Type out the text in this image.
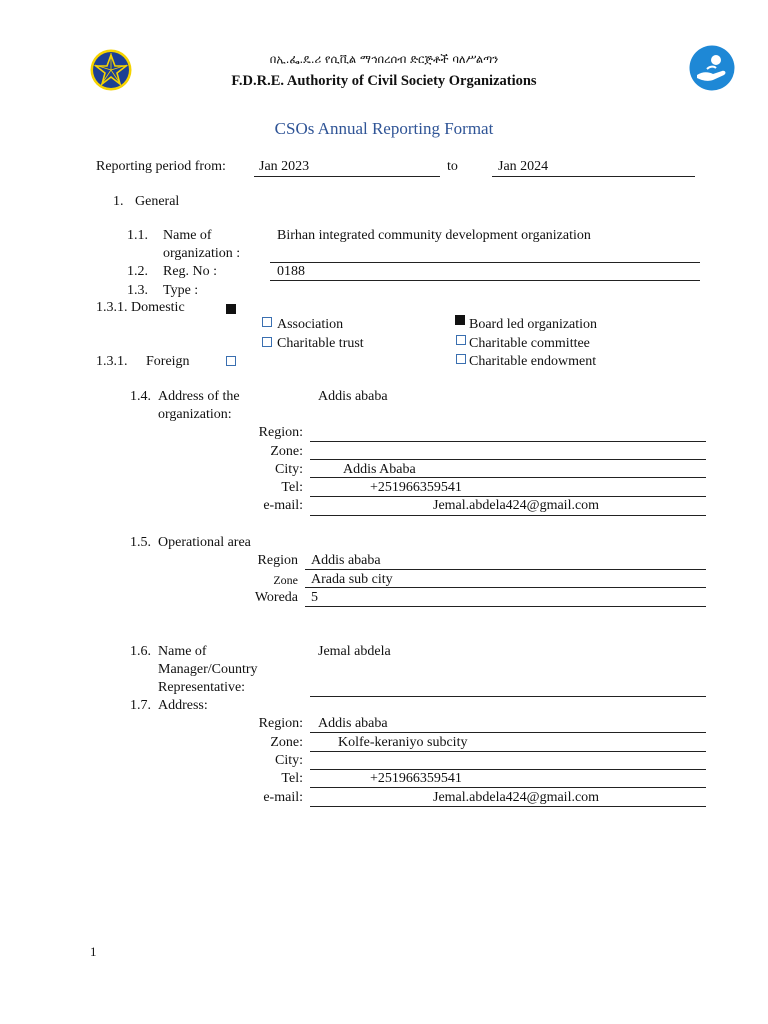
በኢ.ፌ.ዴ.ሪ የሲቪል ማኅበረሰብ ድርጅቶች ባለሥልጣን
F.D.R.E. Authority of Civil Society Organizations
CSOs Annual Reporting Format
Reporting period from: Jan 2023	to	Jan 2024
1. General
1.1. Name of
organization :
Birhan integrated community development organization
1.2. Reg. No :	0188
1.3. Type :
1.3.1. Domestic
Association	Board led organization
Charitable trust	Charitable committee
1.3.1. Foreign	Charitable endowment
1.4. Address of the
organization:
Addis ababa
Region:
Zone:
City:	Addis Ababa
Tel:	+251966359541
e-mail:	Jemal.abdela424@gmail.com
1.5. Operational area
Region Addis ababa
Zone Arada sub city
Woreda 5
1.6. Name of
Manager/Country
Representative:
Jemal abdela
1.7. Address:
Region: Addis ababa
Zone:	Kolfe-keraniyo subcity
City:
Tel:	+251966359541
e-mail:	Jemal.abdela424@gmail.com
1
